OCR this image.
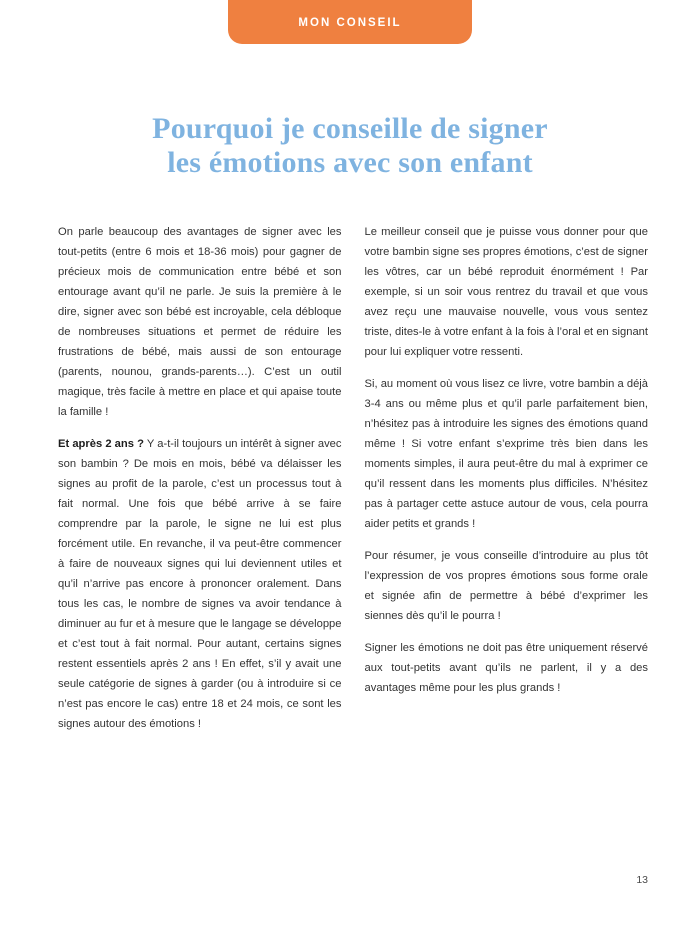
MON CONSEIL
Pourquoi je conseille de signer
les émotions avec son enfant

On parle beaucoup des avantages de signer avec les tout-petits (entre 6 mois et 18-36 mois) pour gagner de précieux mois de communication entre bébé et son entourage avant qu’il ne parle. Je suis la première à le dire, signer avec son bébé est incroyable, cela débloque de nombreuses situations et permet de réduire les frustrations de bébé, mais aussi de son entourage (parents, nounou, grands-parents…). C’est un outil magique, très facile à mettre en place et qui apaise toute la famille !

Et après 2 ans ? Y a-t-il toujours un intérêt à signer avec son bambin ? De mois en mois, bébé va délaisser les signes au profit de la parole, c’est un processus tout à fait normal. Une fois que bébé arrive à se faire comprendre par la parole, le signe ne lui est plus forcément utile. En revanche, il va peut-être commencer à faire de nouveaux signes qui lui deviennent utiles et qu’il n’arrive pas encore à prononcer oralement. Dans tous les cas, le nombre de signes va avoir tendance à diminuer au fur et à mesure que le langage se développe et c’est tout à fait normal. Pour autant, certains signes restent essentiels après 2 ans ! En effet, s’il y avait une seule catégorie de signes à garder (ou à introduire si ce n’est pas encore le cas) entre 18 et 24 mois, ce sont les signes autour des émotions !

Le meilleur conseil que je puisse vous donner pour que votre bambin signe ses propres émotions, c’est de signer les vôtres, car un bébé reproduit énormément ! Par exemple, si un soir vous rentrez du travail et que vous avez reçu une mauvaise nouvelle, vous vous sentez triste, dites-le à votre enfant à la fois à l’oral et en signant pour lui expliquer votre ressenti.

Si, au moment où vous lisez ce livre, votre bambin a déjà 3-4 ans ou même plus et qu’il parle parfaitement bien, n’hésitez pas à introduire les signes des émotions quand même ! Si votre enfant s’exprime très bien dans les moments simples, il aura peut-être du mal à exprimer ce qu’il ressent dans les moments plus difficiles. N’hésitez pas à partager cette astuce autour de vous, cela pourra aider petits et grands !

Pour résumer, je vous conseille d’introduire au plus tôt l’expression de vos propres émotions sous forme orale et signée afin de permettre à bébé d’exprimer les siennes dès qu’il le pourra !

Signer les émotions ne doit pas être uniquement réservé aux tout-petits avant qu’ils ne parlent, il y a des avantages même pour les plus grands !

13
